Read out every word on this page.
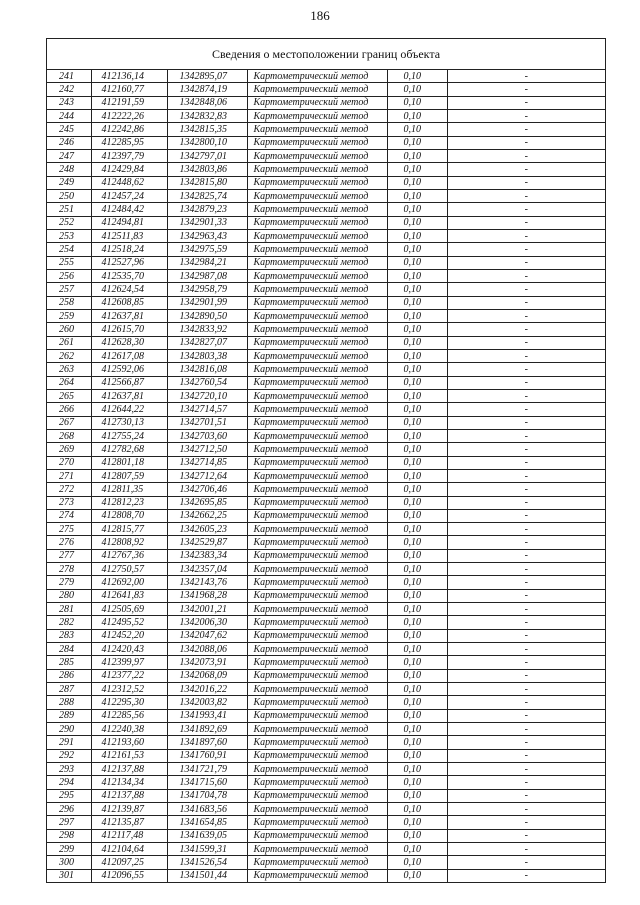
186
Сведения о местоположении границ объекта
241	412136,14	1342895,07	Картометрический метод	0,10	-
242	412160,77	1342874,19	Картометрический метод	0,10	-
243	412191,59	1342848,06	Картометрический метод	0,10	-
244	412222,26	1342832,83	Картометрический метод	0,10	-
245	412242,86	1342815,35	Картометрический метод	0,10	-
246	412285,95	1342800,10	Картометрический метод	0,10	-
247	412397,79	1342797,01	Картометрический метод	0,10	-
248	412429,84	1342803,86	Картометрический метод	0,10	-
249	412448,62	1342815,80	Картометрический метод	0,10	-
250	412457,24	1342825,74	Картометрический метод	0,10	-
251	412484,42	1342879,23	Картометрический метод	0,10	-
252	412494,81	1342901,33	Картометрический метод	0,10	-
253	412511,83	1342963,43	Картометрический метод	0,10	-
254	412518,24	1342975,59	Картометрический метод	0,10	-
255	412527,96	1342984,21	Картометрический метод	0,10	-
256	412535,70	1342987,08	Картометрический метод	0,10	-
257	412624,54	1342958,79	Картометрический метод	0,10	-
258	412608,85	1342901,99	Картометрический метод	0,10	-
259	412637,81	1342890,50	Картометрический метод	0,10	-
260	412615,70	1342833,92	Картометрический метод	0,10	-
261	412628,30	1342827,07	Картометрический метод	0,10	-
262	412617,08	1342803,38	Картометрический метод	0,10	-
263	412592,06	1342816,08	Картометрический метод	0,10	-
264	412566,87	1342760,54	Картометрический метод	0,10	-
265	412637,81	1342720,10	Картометрический метод	0,10	-
266	412644,22	1342714,57	Картометрический метод	0,10	-
267	412730,13	1342701,51	Картометрический метод	0,10	-
268	412755,24	1342703,60	Картометрический метод	0,10	-
269	412782,68	1342712,50	Картометрический метод	0,10	-
270	412801,18	1342714,85	Картометрический метод	0,10	-
271	412807,59	1342712,64	Картометрический метод	0,10	-
272	412811,35	1342706,46	Картометрический метод	0,10	-
273	412812,23	1342695,85	Картометрический метод	0,10	-
274	412808,70	1342662,25	Картометрический метод	0,10	-
275	412815,77	1342605,23	Картометрический метод	0,10	-
276	412808,92	1342529,87	Картометрический метод	0,10	-
277	412767,36	1342383,34	Картометрический метод	0,10	-
278	412750,57	1342357,04	Картометрический метод	0,10	-
279	412692,00	1342143,76	Картометрический метод	0,10	-
280	412641,83	1341968,28	Картометрический метод	0,10	-
281	412505,69	1342001,21	Картометрический метод	0,10	-
282	412495,52	1342006,30	Картометрический метод	0,10	-
283	412452,20	1342047,62	Картометрический метод	0,10	-
284	412420,43	1342088,06	Картометрический метод	0,10	-
285	412399,97	1342073,91	Картометрический метод	0,10	-
286	412377,22	1342068,09	Картометрический метод	0,10	-
287	412312,52	1342016,22	Картометрический метод	0,10	-
288	412295,30	1342003,82	Картометрический метод	0,10	-
289	412285,56	1341993,41	Картометрический метод	0,10	-
290	412240,38	1341892,69	Картометрический метод	0,10	-
291	412193,60	1341897,60	Картометрический метод	0,10	-
292	412161,53	1341760,91	Картометрический метод	0,10	-
293	412137,88	1341721,79	Картометрический метод	0,10	-
294	412134,34	1341715,60	Картометрический метод	0,10	-
295	412137,88	1341704,78	Картометрический метод	0,10	-
296	412139,87	1341683,56	Картометрический метод	0,10	-
297	412135,87	1341654,85	Картометрический метод	0,10	-
298	412117,48	1341639,05	Картометрический метод	0,10	-
299	412104,64	1341599,31	Картометрический метод	0,10	-
300	412097,25	1341526,54	Картометрический метод	0,10	-
301	412096,55	1341501,44	Картометрический метод	0,10	-
